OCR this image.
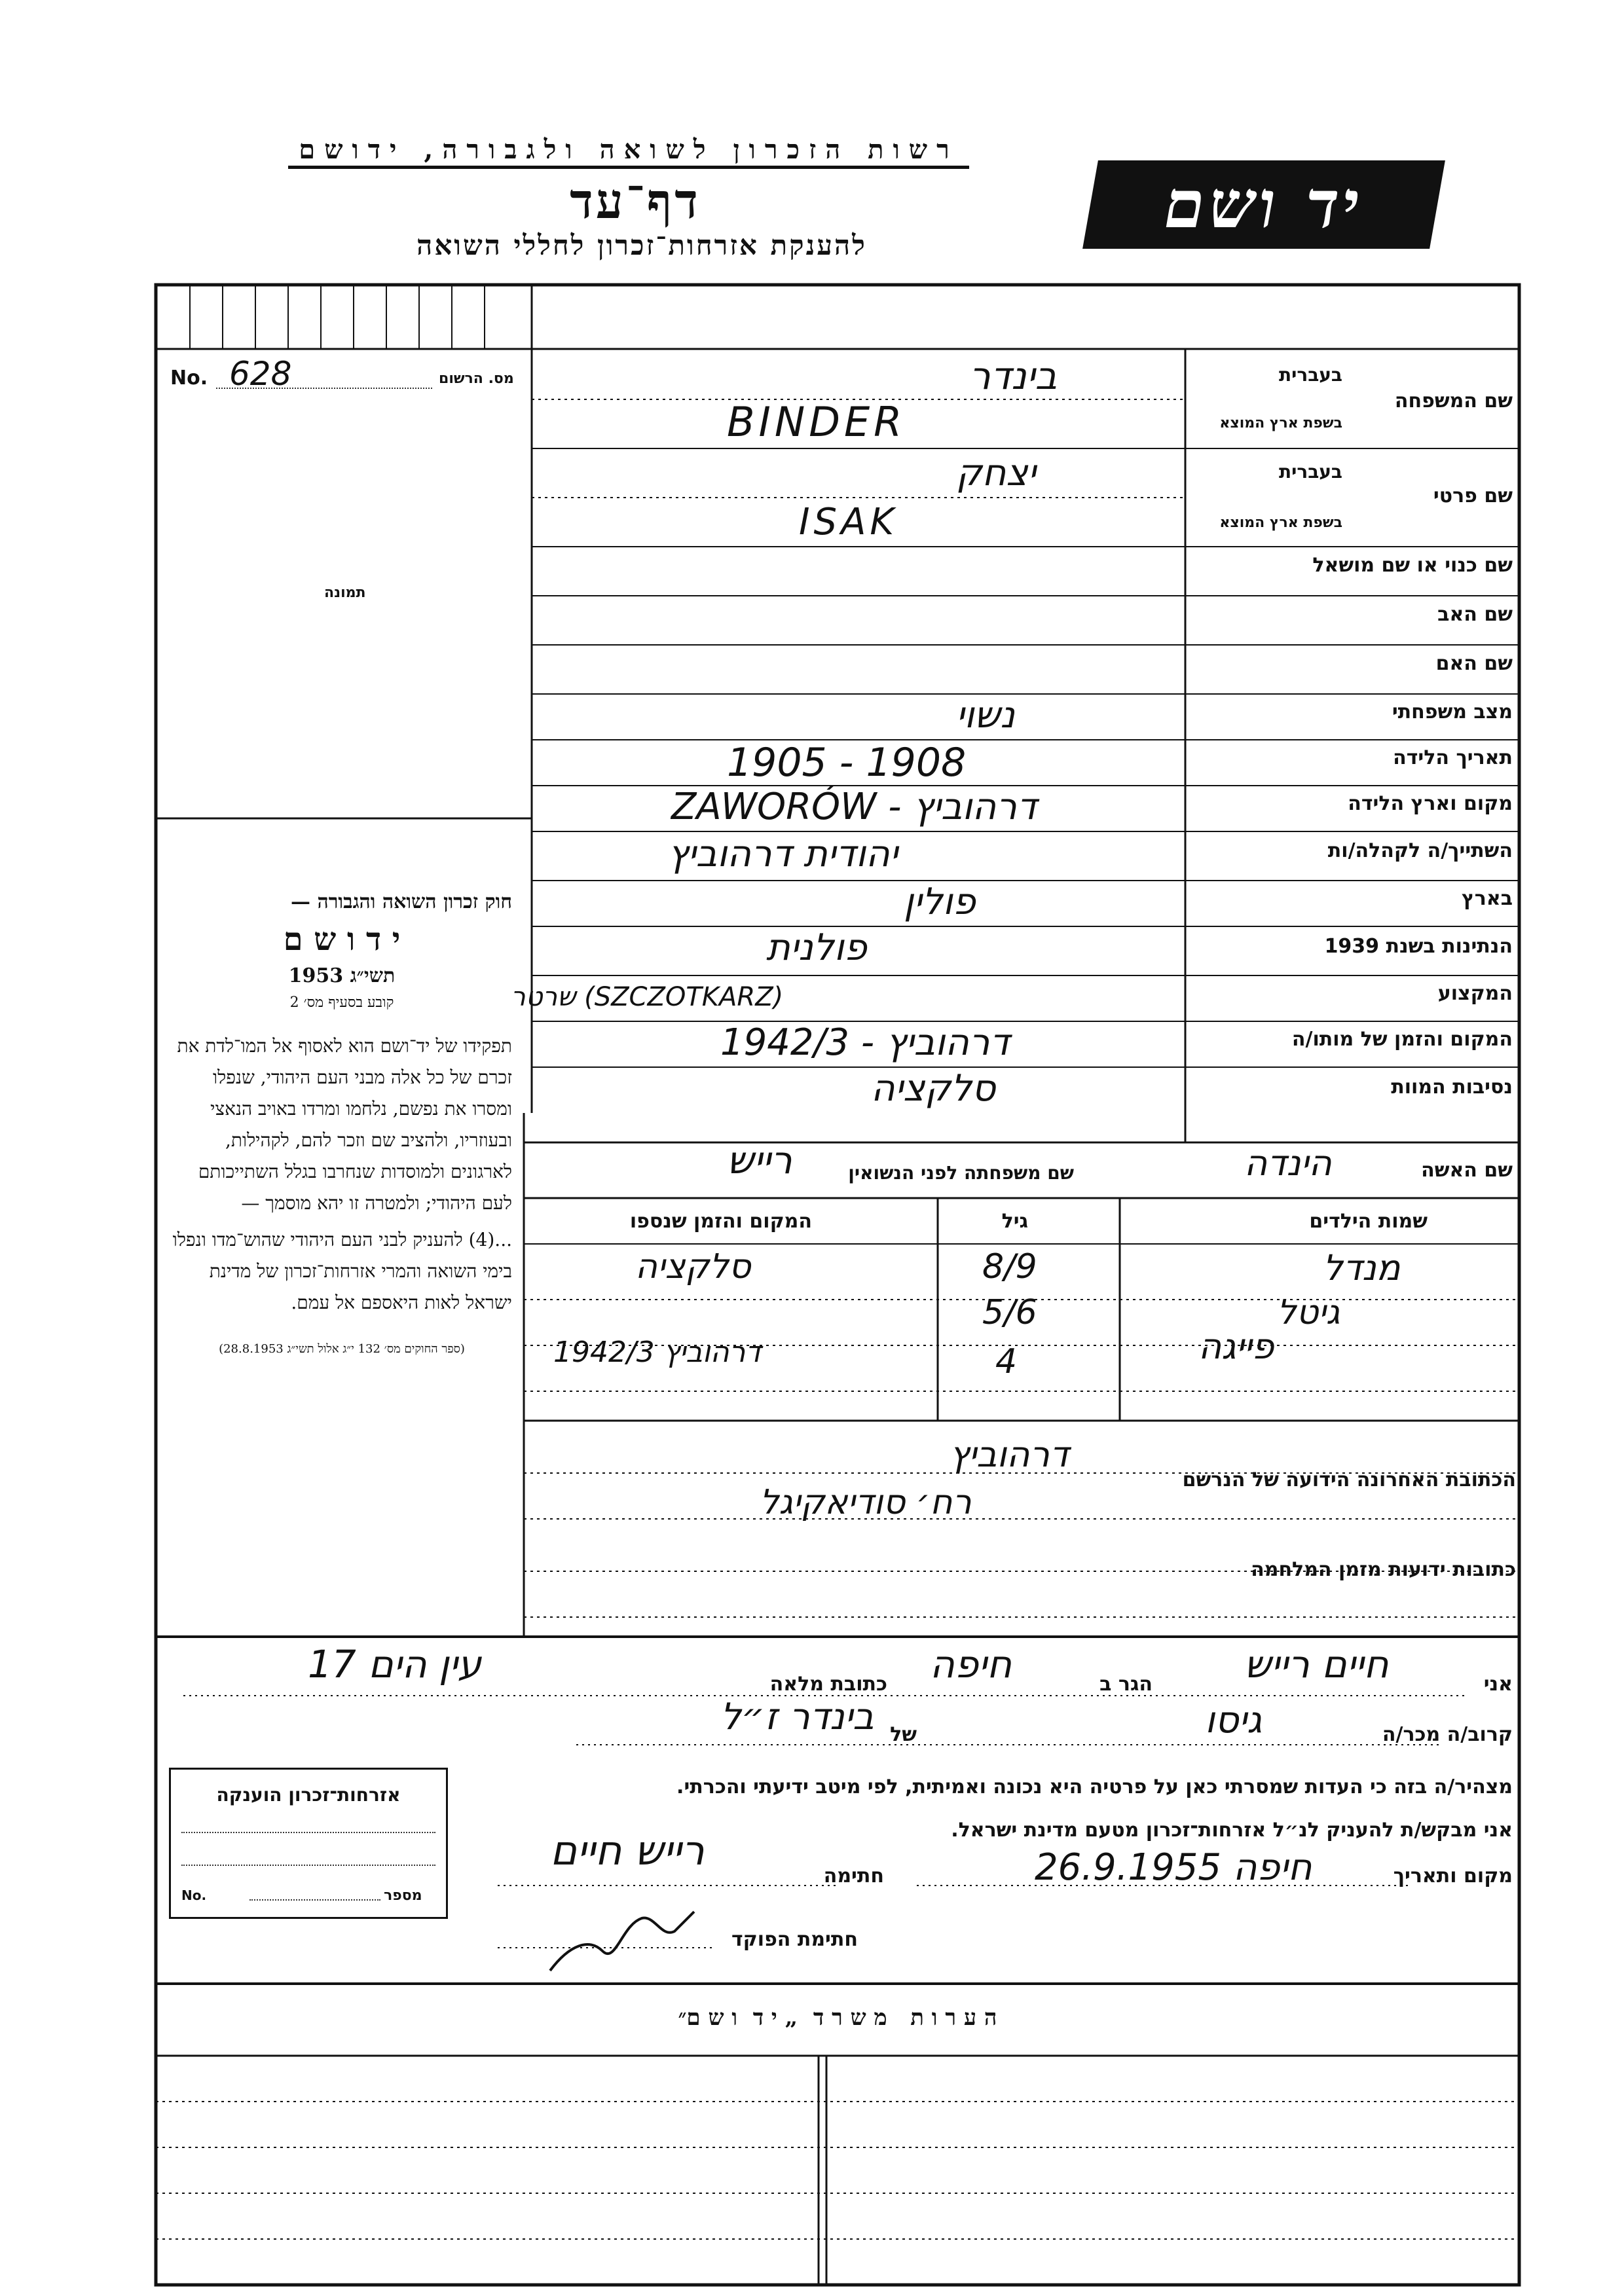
רשות הזכרון לשואה ולגבורה, ידושם
דף־עד
להענקת אזרחות־זכרון לחללי השואה
יד ושם
No. 628	מס. הרשום
תמונה
חוק זכרון השואה והגבורה —
י ד ו ש ם
תשי״ג 1953
קובע בסעיף מס׳ 2
תפקידו של יד־ושם הוא לאסוף אל המו־לדת את זכרם של כל אלה מבני העם היהודי, שנפלו ומסרו את נפשם, נלחמו ומרדו באויב הנאצי ובעוזריו, ולהציב שם וזכר להם, לקהילות, לארגונים ולמוסדות שנחרבו בגלל השתייכותם לעם היהודי; ולמטרה זו יהא מוסמך —
...(4) להעניק לבני העם היהודי שהוש־מדו ונפלו בימי השואה והמרי אזרחות־זכרון של מדינת ישראל לאות היאספם אל עמם.
(ספר החוקים מס׳ 132 י״ג אלול תשי״ג 28.8.1953)
שם המשפחה
בעברית
בשפת ארץ המוצא
שם פרטי
בעברית
בשפת ארץ המוצא
שם כנוי או שם מושאל
שם האב
שם האם
מצב משפחתי
תאריך הלידה
מקום וארץ הלידה
השתייך/ה לקהלה/ות
בארץ
הנתינות בשנת 1939
המקצוע
המקום והזמן של מותו/ה
נסיבות המוות
בינדר
BINDER
יצחק
ISAK
נשוי
1905 - 1908
ZAWORÓW - דרהוביץ
יהודית דרהוביץ
פולין
פולנית
שרטר (SZCZOTKARZ)
דרהוביץ - 1942/3
סלקציה
שם האשה
הינדה
שם משפחתה לפני הנשואין
רייש
שמות הילדים
גיל
המקום והזמן שנספו
מנדל
8/9
סלקציה
גיטל
5/6
פייגה
4
דרהוביץ 1942/3
הכתובת האחרונה הידועה של הנרשם
דרהוביץ
רח׳ סודיאקיגל
כתובות ידועות מזמן המלחמה
אני
חיים רייש
הגר ב
חיפה
כתובת מלאה
עין הים 17
קרוב/ה מכר/ה
גיסו
של
בינדר ז״ל
מצהיר/ה בזה כי העדות שמסרתי כאן על פרטיה היא נכונה ואמיתית, לפי מיטב ידיעתי והכרתי.
אני מבקש/ת להעניק לנ״ל אזרחות־זכרון מטעם מדינת ישראל.
מקום ותאריך
חיפה 26.9.1955
חתימה
רייש חיים
חתימת הפוקד
אזרחות־זכרון הוענקה
No.	מספר
ה ע ר ו ת   מ ש ר ד  „ י ד  ו ש ם״
